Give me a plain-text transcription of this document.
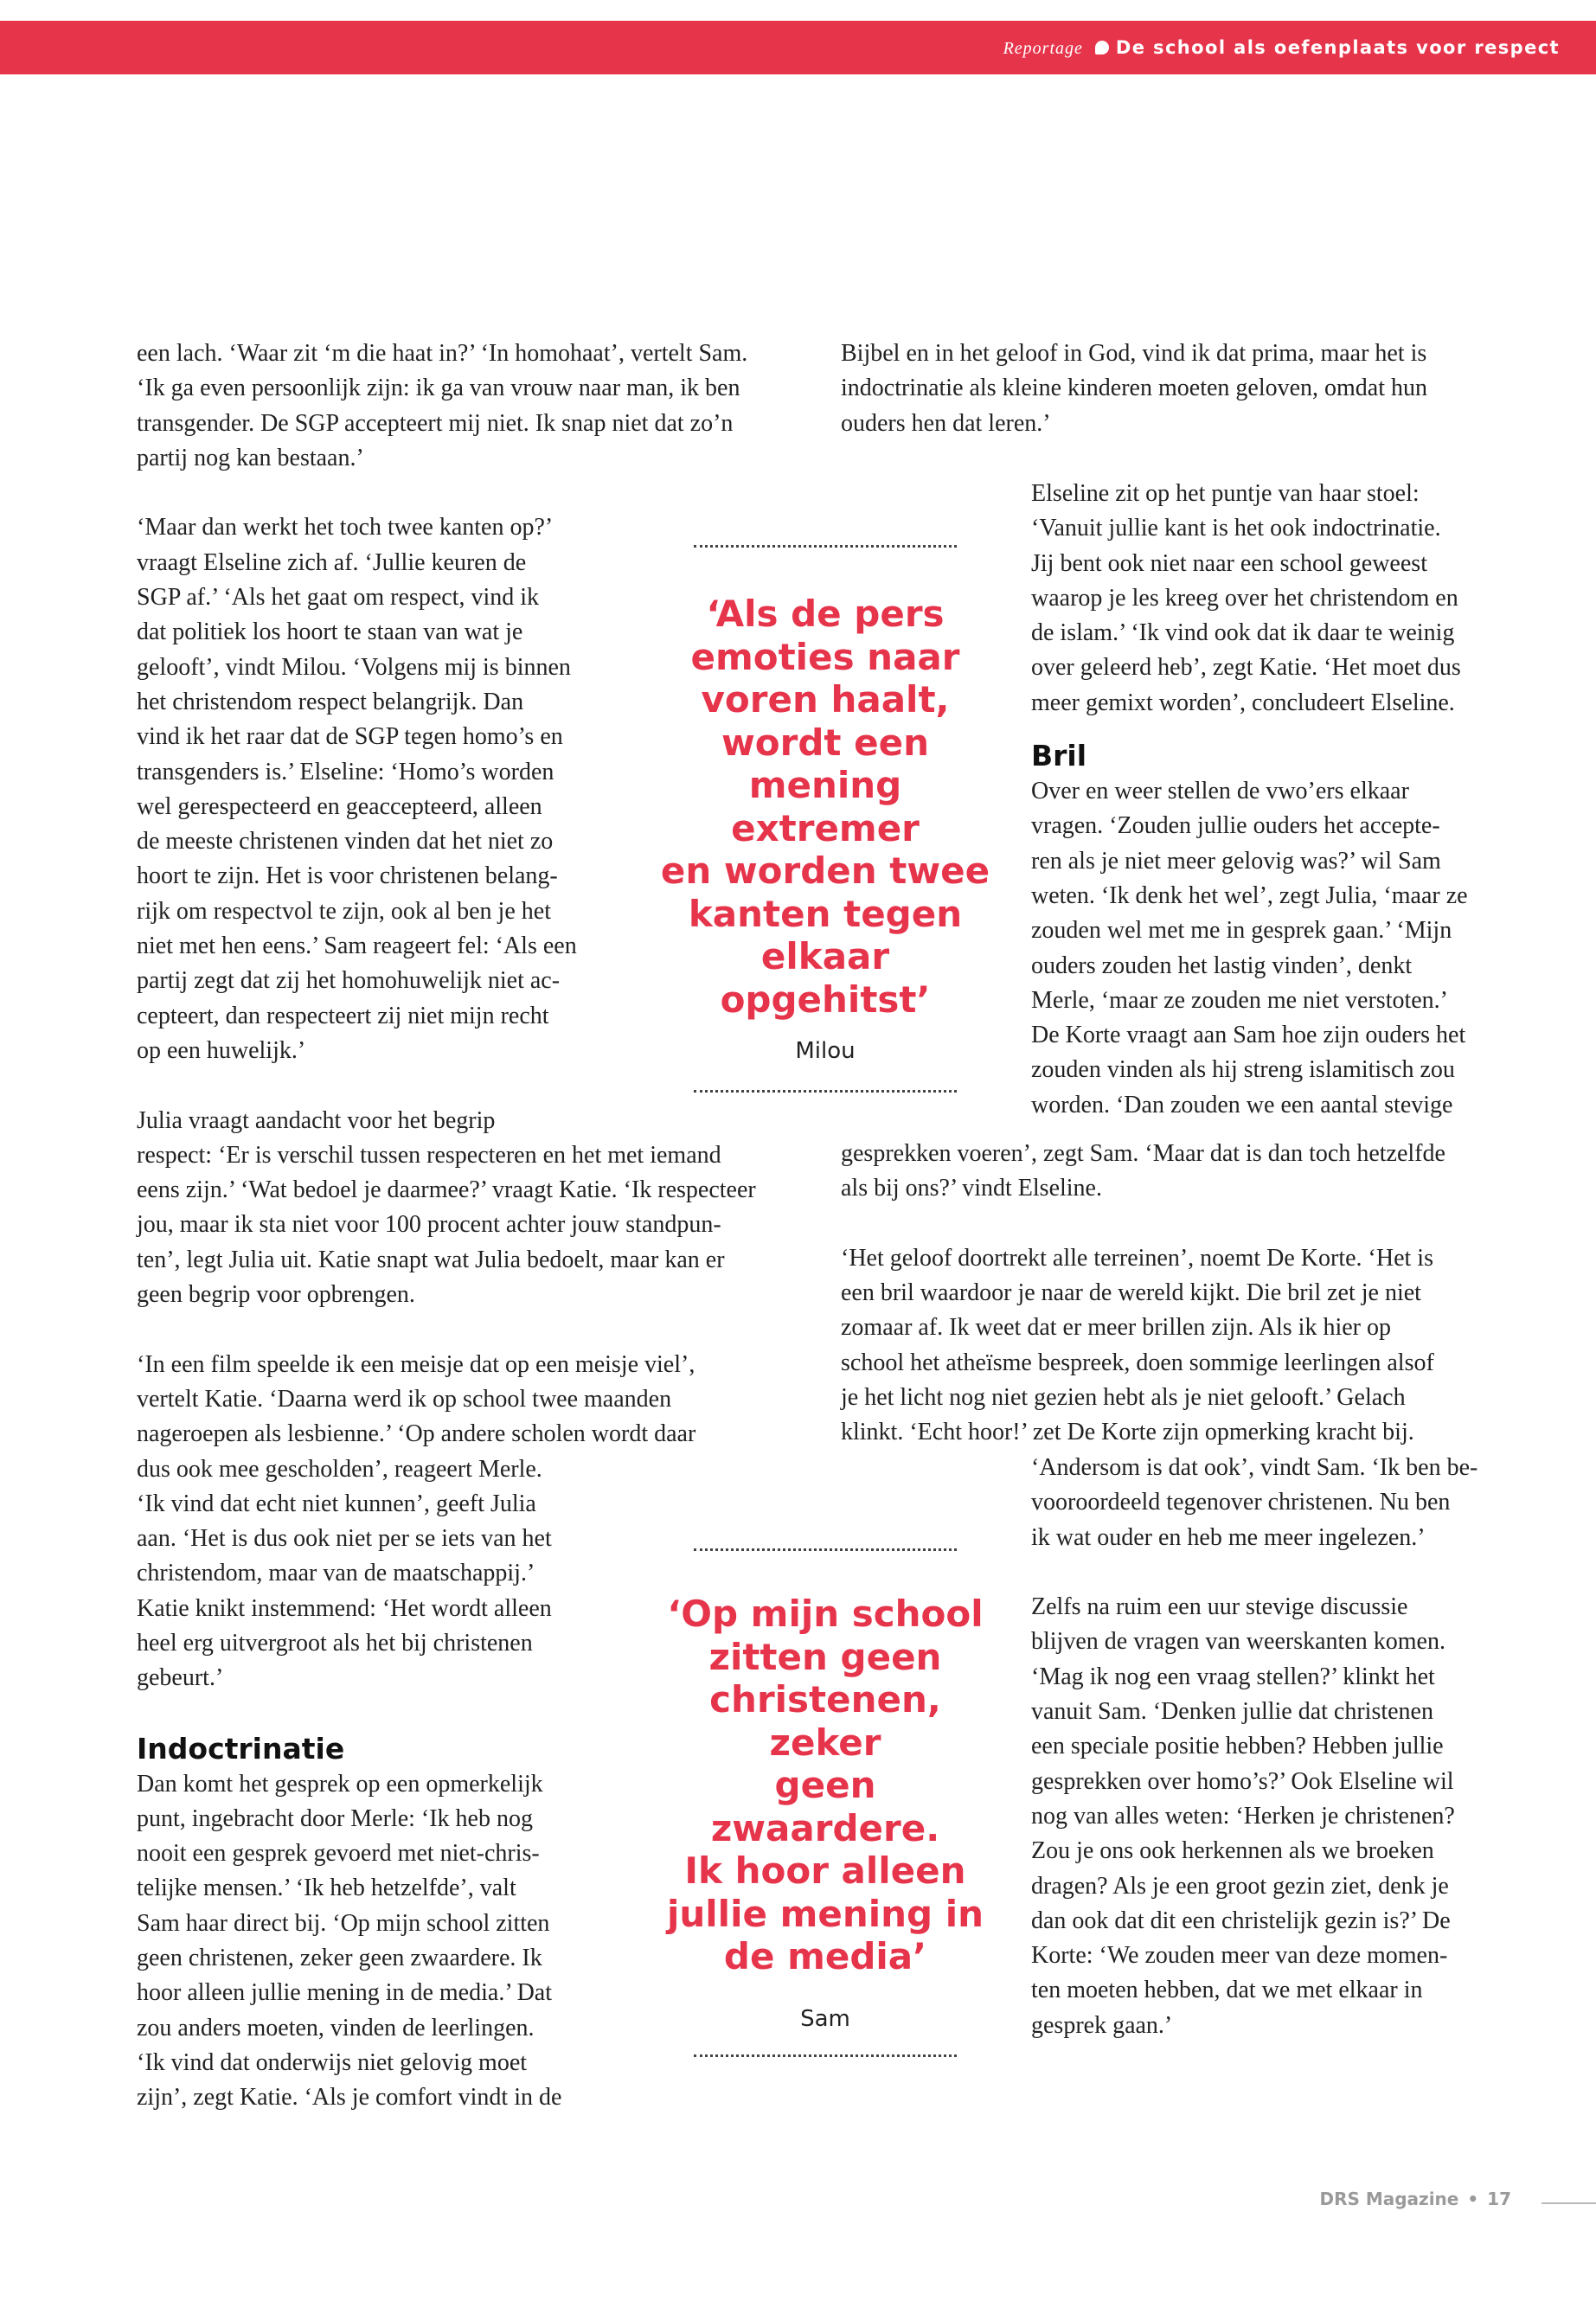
Reportage De school als oefenplaats voor respect

een lach. ‘Waar zit ‘m die haat in?’ ‘In homohaat’, vertelt Sam.

‘Ik ga even persoonlijk zijn: ik ga van vrouw naar man, ik ben

transgender. De SGP accepteert mij niet. Ik snap niet dat zo’n

partij nog kan bestaan.’

‘Maar dan werkt het toch twee kanten op?’

vraagt Elseline zich af. ‘Jullie keuren de

SGP af.’ ‘Als het gaat om respect, vind ik

dat politiek los hoort te staan van wat je

gelooft’, vindt Milou. ‘Volgens mij is binnen

het christendom respect belangrijk. Dan

vind ik het raar dat de SGP tegen homo’s en

transgenders is.’ Elseline: ‘Homo’s worden

wel gerespecteerd en geaccepteerd, alleen

de meeste christenen vinden dat het niet zo

hoort te zijn. Het is voor christenen belang-

rijk om respectvol te zijn, ook al ben je het

niet met hen eens.’ Sam reageert fel: ‘Als een

partij zegt dat zij het homohuwelijk niet ac-

cepteert, dan respecteert zij niet mijn recht

op een huwelijk.’

Julia vraagt aandacht voor het begrip

respect: ‘Er is verschil tussen respecteren en het met iemand

eens zijn.’ ‘Wat bedoel je daarmee?’ vraagt Katie. ‘Ik respecteer

jou, maar ik sta niet voor 100 procent achter jouw standpun-

ten’, legt Julia uit. Katie snapt wat Julia bedoelt, maar kan er

geen begrip voor opbrengen.

‘In een film speelde ik een meisje dat op een meisje viel’,

vertelt Katie. ‘Daarna werd ik op school twee maanden

nageroepen als lesbienne.’ ‘Op andere scholen wordt daar

dus ook mee gescholden’, reageert Merle.

‘Ik vind dat echt niet kunnen’, geeft Julia

aan. ‘Het is dus ook niet per se iets van het

christendom, maar van de maatschappij.’

Katie knikt instemmend: ‘Het wordt alleen

heel erg uitvergroot als het bij christenen

gebeurt.’

Indoctrinatie

Dan komt het gesprek op een opmerkelijk

punt, ingebracht door Merle: ‘Ik heb nog

nooit een gesprek gevoerd met niet-chris-

telijke mensen.’ ‘Ik heb hetzelfde’, valt

Sam haar direct bij. ‘Op mijn school zitten

geen christenen, zeker geen zwaardere. Ik

hoor alleen jullie mening in de media.’ Dat

zou anders moeten, vinden de leerlingen.

‘Ik vind dat onderwijs niet gelovig moet

zijn’, zegt Katie. ‘Als je comfort vindt in de

Bijbel en in het geloof in God, vind ik dat prima, maar het is

indoctrinatie als kleine kinderen moeten geloven, omdat hun

ouders hen dat leren.’

Elseline zit op het puntje van haar stoel:

‘Vanuit jullie kant is het ook indoctrinatie.

Jij bent ook niet naar een school geweest

waarop je les kreeg over het christendom en

de islam.’ ‘Ik vind ook dat ik daar te weinig

over geleerd heb’, zegt Katie. ‘Het moet dus

meer gemixt worden’, concludeert Elseline.

Bril

Over en weer stellen de vwo’ers elkaar

vragen. ‘Zouden jullie ouders het accepte-

ren als je niet meer gelovig was?’ wil Sam

weten. ‘Ik denk het wel’, zegt Julia, ‘maar ze

zouden wel met me in gesprek gaan.’ ‘Mijn

ouders zouden het lastig vinden’, denkt

Merle, ‘maar ze zouden me niet verstoten.’

De Korte vraagt aan Sam hoe zijn ouders het

zouden vinden als hij streng islamitisch zou

worden. ‘Dan zouden we een aantal stevige

gesprekken voeren’, zegt Sam. ‘Maar dat is dan toch hetzelfde

als bij ons?’ vindt Elseline.

‘Het geloof doortrekt alle terreinen’, noemt De Korte. ‘Het is

een bril waardoor je naar de wereld kijkt. Die bril zet je niet

zomaar af. Ik weet dat er meer brillen zijn. Als ik hier op

school het atheïsme bespreek, doen sommige leerlingen alsof

je het licht nog niet gezien hebt als je niet gelooft.’ Gelach

klinkt. ‘Echt hoor!’ zet De Korte zijn opmerking kracht bij.

‘Andersom is dat ook’, vindt Sam. ‘Ik ben be-

vooroordeeld tegenover christenen. Nu ben

ik wat ouder en heb me meer ingelezen.’

Zelfs na ruim een uur stevige discussie

blijven de vragen van weerskanten komen.

‘Mag ik nog een vraag stellen?’ klinkt het

vanuit Sam. ‘Denken jullie dat christenen

een speciale positie hebben? Hebben jullie

gesprekken over homo’s?’ Ook Elseline wil

nog van alles weten: ‘Herken je christenen?

Zou je ons ook herkennen als we broeken

dragen? Als je een groot gezin ziet, denk je

dan ook dat dit een christelijk gezin is?’ De

Korte: ‘We zouden meer van deze momen-

ten moeten hebben, dat we met elkaar in

gesprek gaan.’

‘Als de pers
emoties naar
voren haalt,
wordt een
mening extremer
en worden twee
kanten tegen
elkaar opgehitst’
Milou
‘Op mijn school
zitten geen
christenen, zeker
geen zwaardere.
Ik hoor alleen
jullie mening in
de media’
Sam
DRS Magazine • 17
